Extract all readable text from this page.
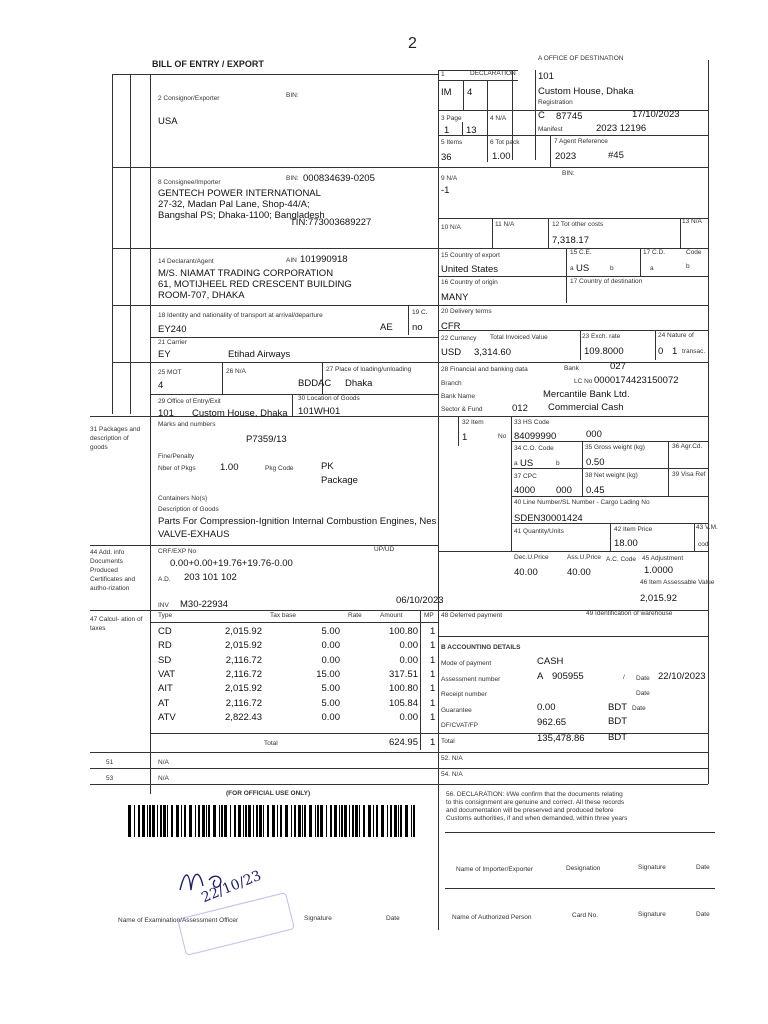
2
BILL OF ENTRY / EXPORT
A OFFICE OF DESTINATION
1	DECLARATION 101
IM 4	Custom House, Dhaka
Registration
C 87745	17/10/2023
3 Page	4 N/A
1 13	Manifest	2023 12196
5 Items	6 Tot pack	7 Agent Reference
36	1.00	2023	#45
2 Consignor/Exporter	BIN:
USA
8 Consignee/Importer
BIN: 000834639-0205
GENTECH POWER INTERNATIONAL
27-32, Madan Pal Lane, Shop-44/A;
Bangshal PS; Dhaka-1100; Bangladesh
TIN:773003689227
9 N/A
-1
BIN:
10 N/A	11 N/A	12 Tot other costs
7,318.17
13 N/A
14 Declarant/Agent	AIN 101990918
M/S. NIAMAT TRADING CORPORATION
61, MOTIJHEEL RED CRESCENT BUILDING
ROOM-707, DHAKA
15 Country of export
United States
15 C.E.	17 C.D.	Code
a US	b	a	b
16 Country of origin
MANY
17 Country of destination
18 Identity and nationality of transport at arrival/departure
EY240	AE
19 C.
no
21 Carrier
EY	Etihad Airways
20 Delivery terms
CFR
22 Currency Total Invoiced Value
USD 3,314.60
23 Exch. rate
109.8000
24 Nature of
0 1 transac.
25 MOT
4
26 N/A	27 Place of loading/unloading
BDDAC Dhaka
28 Financial and banking data	Bank	027
Branch	LC No 0000174423150072
Bank Name	Mercantile Bank Ltd.
Sector & Fund	012 Commercial Cash
29 Office of Entry/Exit
101 Custom House, Dhaka
30 Location of Goods
101WH01
31 Packages and description of goods
Marks and numbers
P7359/13
32 Item
1	No
33 HS Code
84099990	000
Fine/Penalty
Nber of Pkgs	1.00	Pkg Code	PK
Package
34 C.O. Code
a US	b
35 Gross weight (kg)
0.50
36 Agr.Cd.
37 CPC
4000 000
38 Net weight (kg)
0.45
39 Visa Ref
Containers No(s)
Description of Goods
Parts For Compression-Ignition Internal Combustion Engines, Nes
VALVE-EXHAUS
40 Line Number/SL Number - Cargo Lading No
SDEN30001424
41 Quantity/Units	42 Item Price
18.00
43 V.M.
cod
44 Add. info Documents Produced Certificates and autho-rization
CRF/EXP No
0.00+0.00+19.76+19.76-0.00
UP/UD
A.D. 203 101 102
INV M30-22934	06/10/2023
Dec.U.Price	Ass.U.Price A.C. Code 45 Adjustment
40.00	40.00	1.0000
46 Item Assessable Value
2,015.92
47 Calcul- ation of taxes
Type	Tax base	Rate	Amount	MP
CD	2,015.92	5.00	100.80 1
RD	2,015.92	0.00	0.00 1
SD	2,116.72	0.00	0.00 1
VAT	2,116.72	15.00	317.51 1
AIT	2,015.92	5.00	100.80 1
AT	2,116.72	5.00	105.84 1
ATV	2,822.43	0.00	0.00 1
Total	624.95 1
48 Deferred payment	49 Identification of warehouse
B ACCOUNTING DETAILS
Mode of payment	CASH
Assessment number	A 905955	/ Date 22/10/2023
Receipt number	Date
Guarantee	0.00	BDT Date
DF/CVAT/FP	962.65	BDT
Total	135,478.86 BDT
51	N/A
52. N/A
53	N/A
54. N/A
(FOR OFFICIAL USE ONLY)	56. DECLARATION: I/We confirm that the documents relating
to this consignment are genuine and correct. All these records
and documentation will be preserved and produced before
Customs authorities, if and when demanded, within three years
Name of Importer/Exporter	Designation	Signature	Date
Name of Examination/Assessment Officer	Signature	Date	Name of Authorized Person	Card No.	Signature	Date
22/10/23
